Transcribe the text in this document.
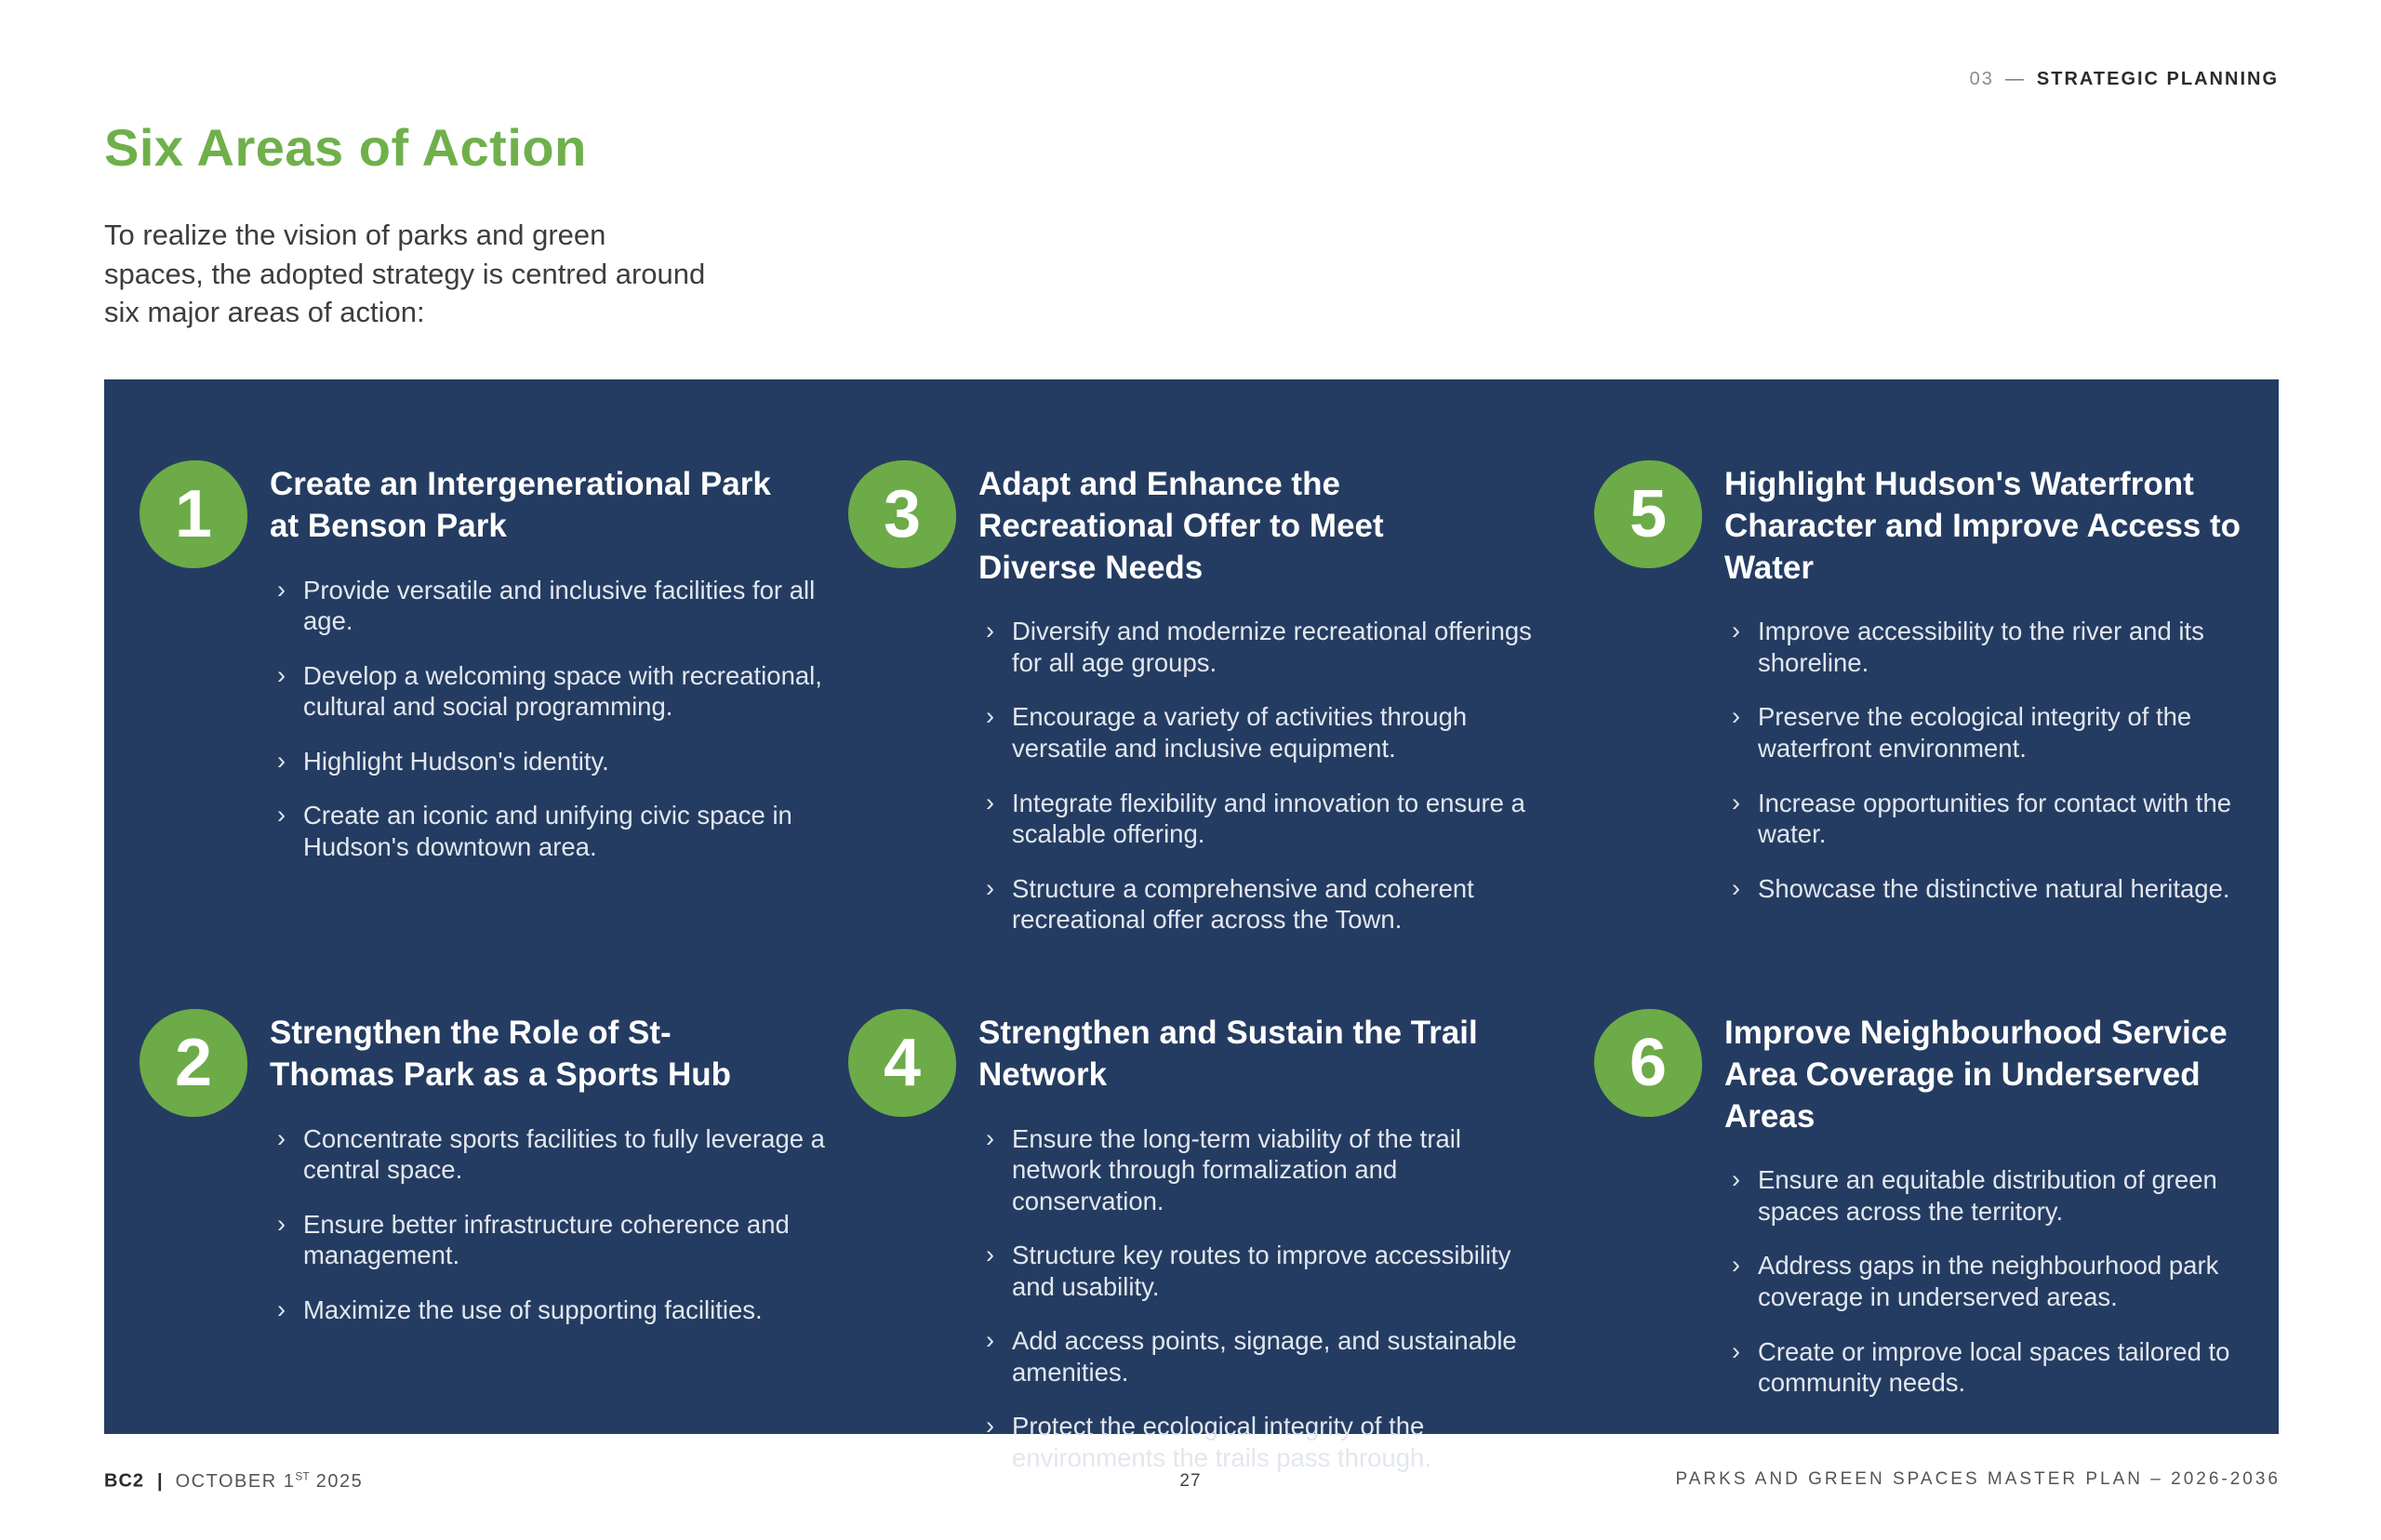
03 — STRATEGIC PLANNING
Six Areas of Action

To realize the vision of parks and green spaces, the adopted strategy is centred around six major areas of action:

1	Create an Intergenerational Park at Benson Park
› Provide versatile and inclusive facilities for all age.
› Develop a welcoming space with recreational, cultural and social programming.
› Highlight Hudson's identity.
› Create an iconic and unifying civic space in Hudson's downtown area.
2	Strengthen the Role of St-Thomas Park as a Sports Hub
› Concentrate sports facilities to fully leverage a central space.
› Ensure better infrastructure coherence and management.
› Maximize the use of supporting facilities.
3	Adapt and Enhance the Recreational Offer to Meet Diverse Needs
› Diversify and modernize recreational offerings for all age groups.
› Encourage a variety of activities through versatile and inclusive equipment.
› Integrate flexibility and innovation to ensure a scalable offering.
› Structure a comprehensive and coherent recreational offer across the Town.
4	Strengthen and Sustain the Trail Network
› Ensure the long-term viability of the trail network through formalization and conservation.
› Structure key routes to improve accessibility and usability.
› Add access points, signage, and sustainable amenities.
› Protect the ecological integrity of the environments the trails pass through.
5	Highlight Hudson's Waterfront Character and Improve Access to Water
› Improve accessibility to the river and its shoreline.
› Preserve the ecological integrity of the waterfront environment.
› Increase opportunities for contact with the water.
› Showcase the distinctive natural heritage.
6	Improve Neighbourhood Service Area Coverage in Underserved Areas
› Ensure an equitable distribution of green spaces across the territory.
› Address gaps in the neighbourhood park coverage in underserved areas.
› Create or improve local spaces tailored to community needs.
BC2 | OCTOBER 1ST 2025	27	PARKS AND GREEN SPACES MASTER PLAN – 2026-2036
